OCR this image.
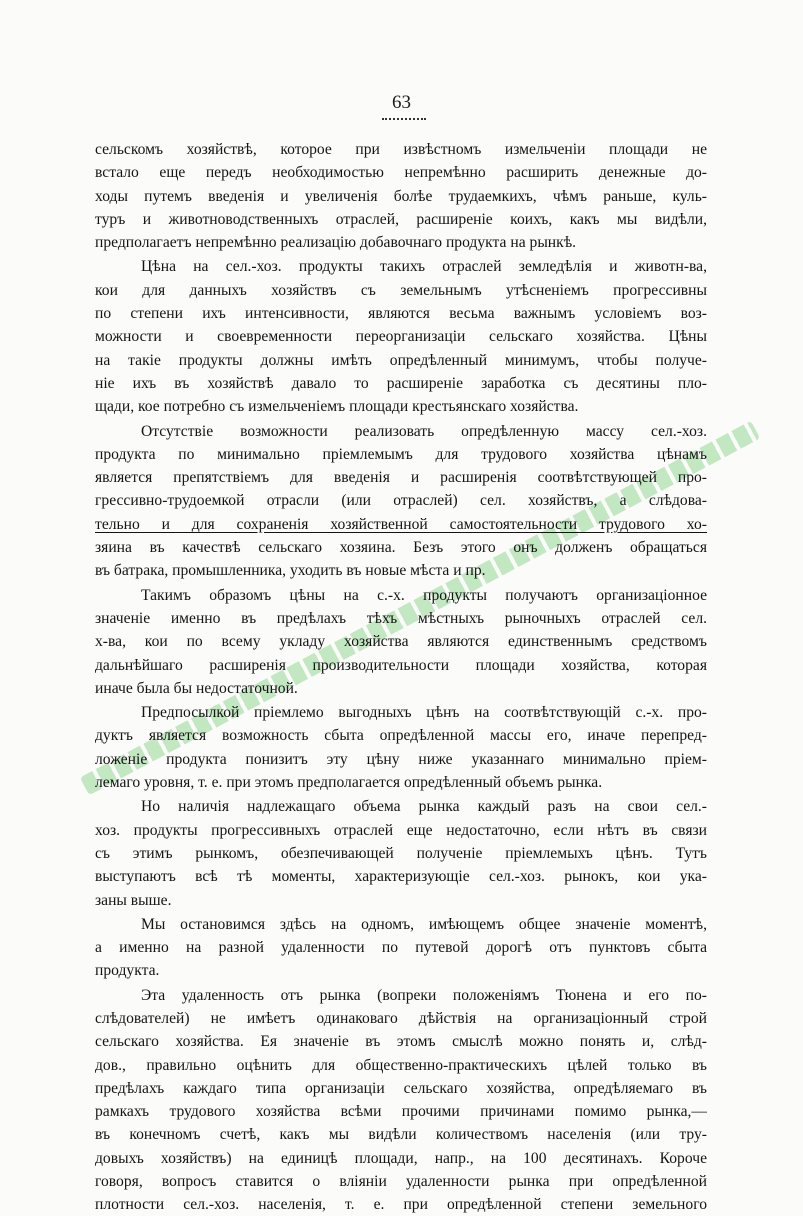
63

сельскомъ хозяйствѣ, которое при извѣстномъ измельченіи площади не
встало еще передъ необходимостью непремѣнно расширить денежные до-
ходы путемъ введенія и увеличенія болѣе трудаемкихъ, чѣмъ раньше, куль-
туръ и животноводственныхъ отраслей, расширеніе коихъ, какъ мы видѣли,
предполагаетъ непремѣнно реализацію добавочнаго продукта на рынкѣ.

Цѣна на сел.-хоз. продукты такихъ отраслей земледѣлія и животн-ва,
кои для данныхъ хозяйствъ съ земельнымъ утѣсненіемъ прогрессивны
по степени ихъ интенсивности, являются весьма важнымъ условіемъ воз-
можности и своевременности переорганизаціи сельскаго хозяйства. Цѣны
на такіе продукты должны имѣть опредѣленный минимумъ, чтобы получе-
ніе ихъ въ хозяйствѣ давало то расширеніе заработка съ десятины пло-
щади, кое потребно съ измельченіемъ площади крестьянскаго хозяйства.

Отсутствіе возможности реализовать опредѣленную массу сел.-хоз.
продукта по минимально пріемлемымъ для трудового хозяйства цѣнамъ
является препятствіемъ для введенія и расширенія соотвѣтствующей про-
грессивно-трудоемкой отрасли (или отраслей) сел. хозяйствъ, а слѣдова-
тельно и для сохраненія хозяйственной самостоятельности трудового хо-
зяина въ качествѣ сельскаго хозяина. Безъ этого онъ долженъ обращаться
въ батрака, промышленника, уходить въ новые мѣста и пр.

Такимъ образомъ цѣны на с.-х. продукты получаютъ организаціонное
значеніе именно въ предѣлахъ тѣхъ мѣстныхъ рыночныхъ отраслей сел.
х-ва, кои по всему укладу хозяйства являются единственнымъ средствомъ
дальнѣйшаго расширенія производительности площади хозяйства, которая
иначе была бы недостаточной.

Предпосылкой пріемлемо выгодныхъ цѣнъ на соотвѣтствующій с.-х. про-
дуктъ является возможность сбыта опредѣленной массы его, иначе перепред-
ложеніе продукта понизитъ эту цѣну ниже указаннаго минимально пріем-
лемаго уровня, т. е. при этомъ предполагается опредѣленный объемъ рынка.

Но наличія надлежащаго объема рынка каждый разъ на свои сел.-
хоз. продукты прогрессивныхъ отраслей еще недостаточно, если нѣтъ въ связи
съ этимъ рынкомъ, обезпечивающей полученіе пріемлемыхъ цѣнъ. Тутъ
выступаютъ всѣ тѣ моменты, характеризующіе сел.-хоз. рынокъ, кои ука-
заны выше.

Мы остановимся здѣсь на одномъ, имѣющемъ общее значеніе моментѣ,
а именно на разной удаленности по путевой дорогѣ отъ пунктовъ сбыта
продукта.

Эта удаленность отъ рынка (вопреки положеніямъ Тюнена и его по-
слѣдователей) не имѣетъ одинаковаго дѣйствія на организаціонный строй
сельскаго хозяйства. Ея значеніе въ этомъ смыслѣ можно понять и, слѣд-
дов., правильно оцѣнить для общественно-практическихъ цѣлей только въ
предѣлахъ каждаго типа организаціи сельскаго хозяйства, опредѣляемаго въ
рамкахъ трудового хозяйства всѣми прочими причинами помимо рынка,—
въ конечномъ счетѣ, какъ мы видѣли количествомъ населенія (или тру-
довыхъ хозяйствъ) на единицѣ площади, напр., на 100 десятинахъ. Короче
говоря, вопросъ ставится о вліяніи удаленности рынка при опредѣленной
плотности сел.-хоз. населенія, т. е. при опредѣленной степени земельного
